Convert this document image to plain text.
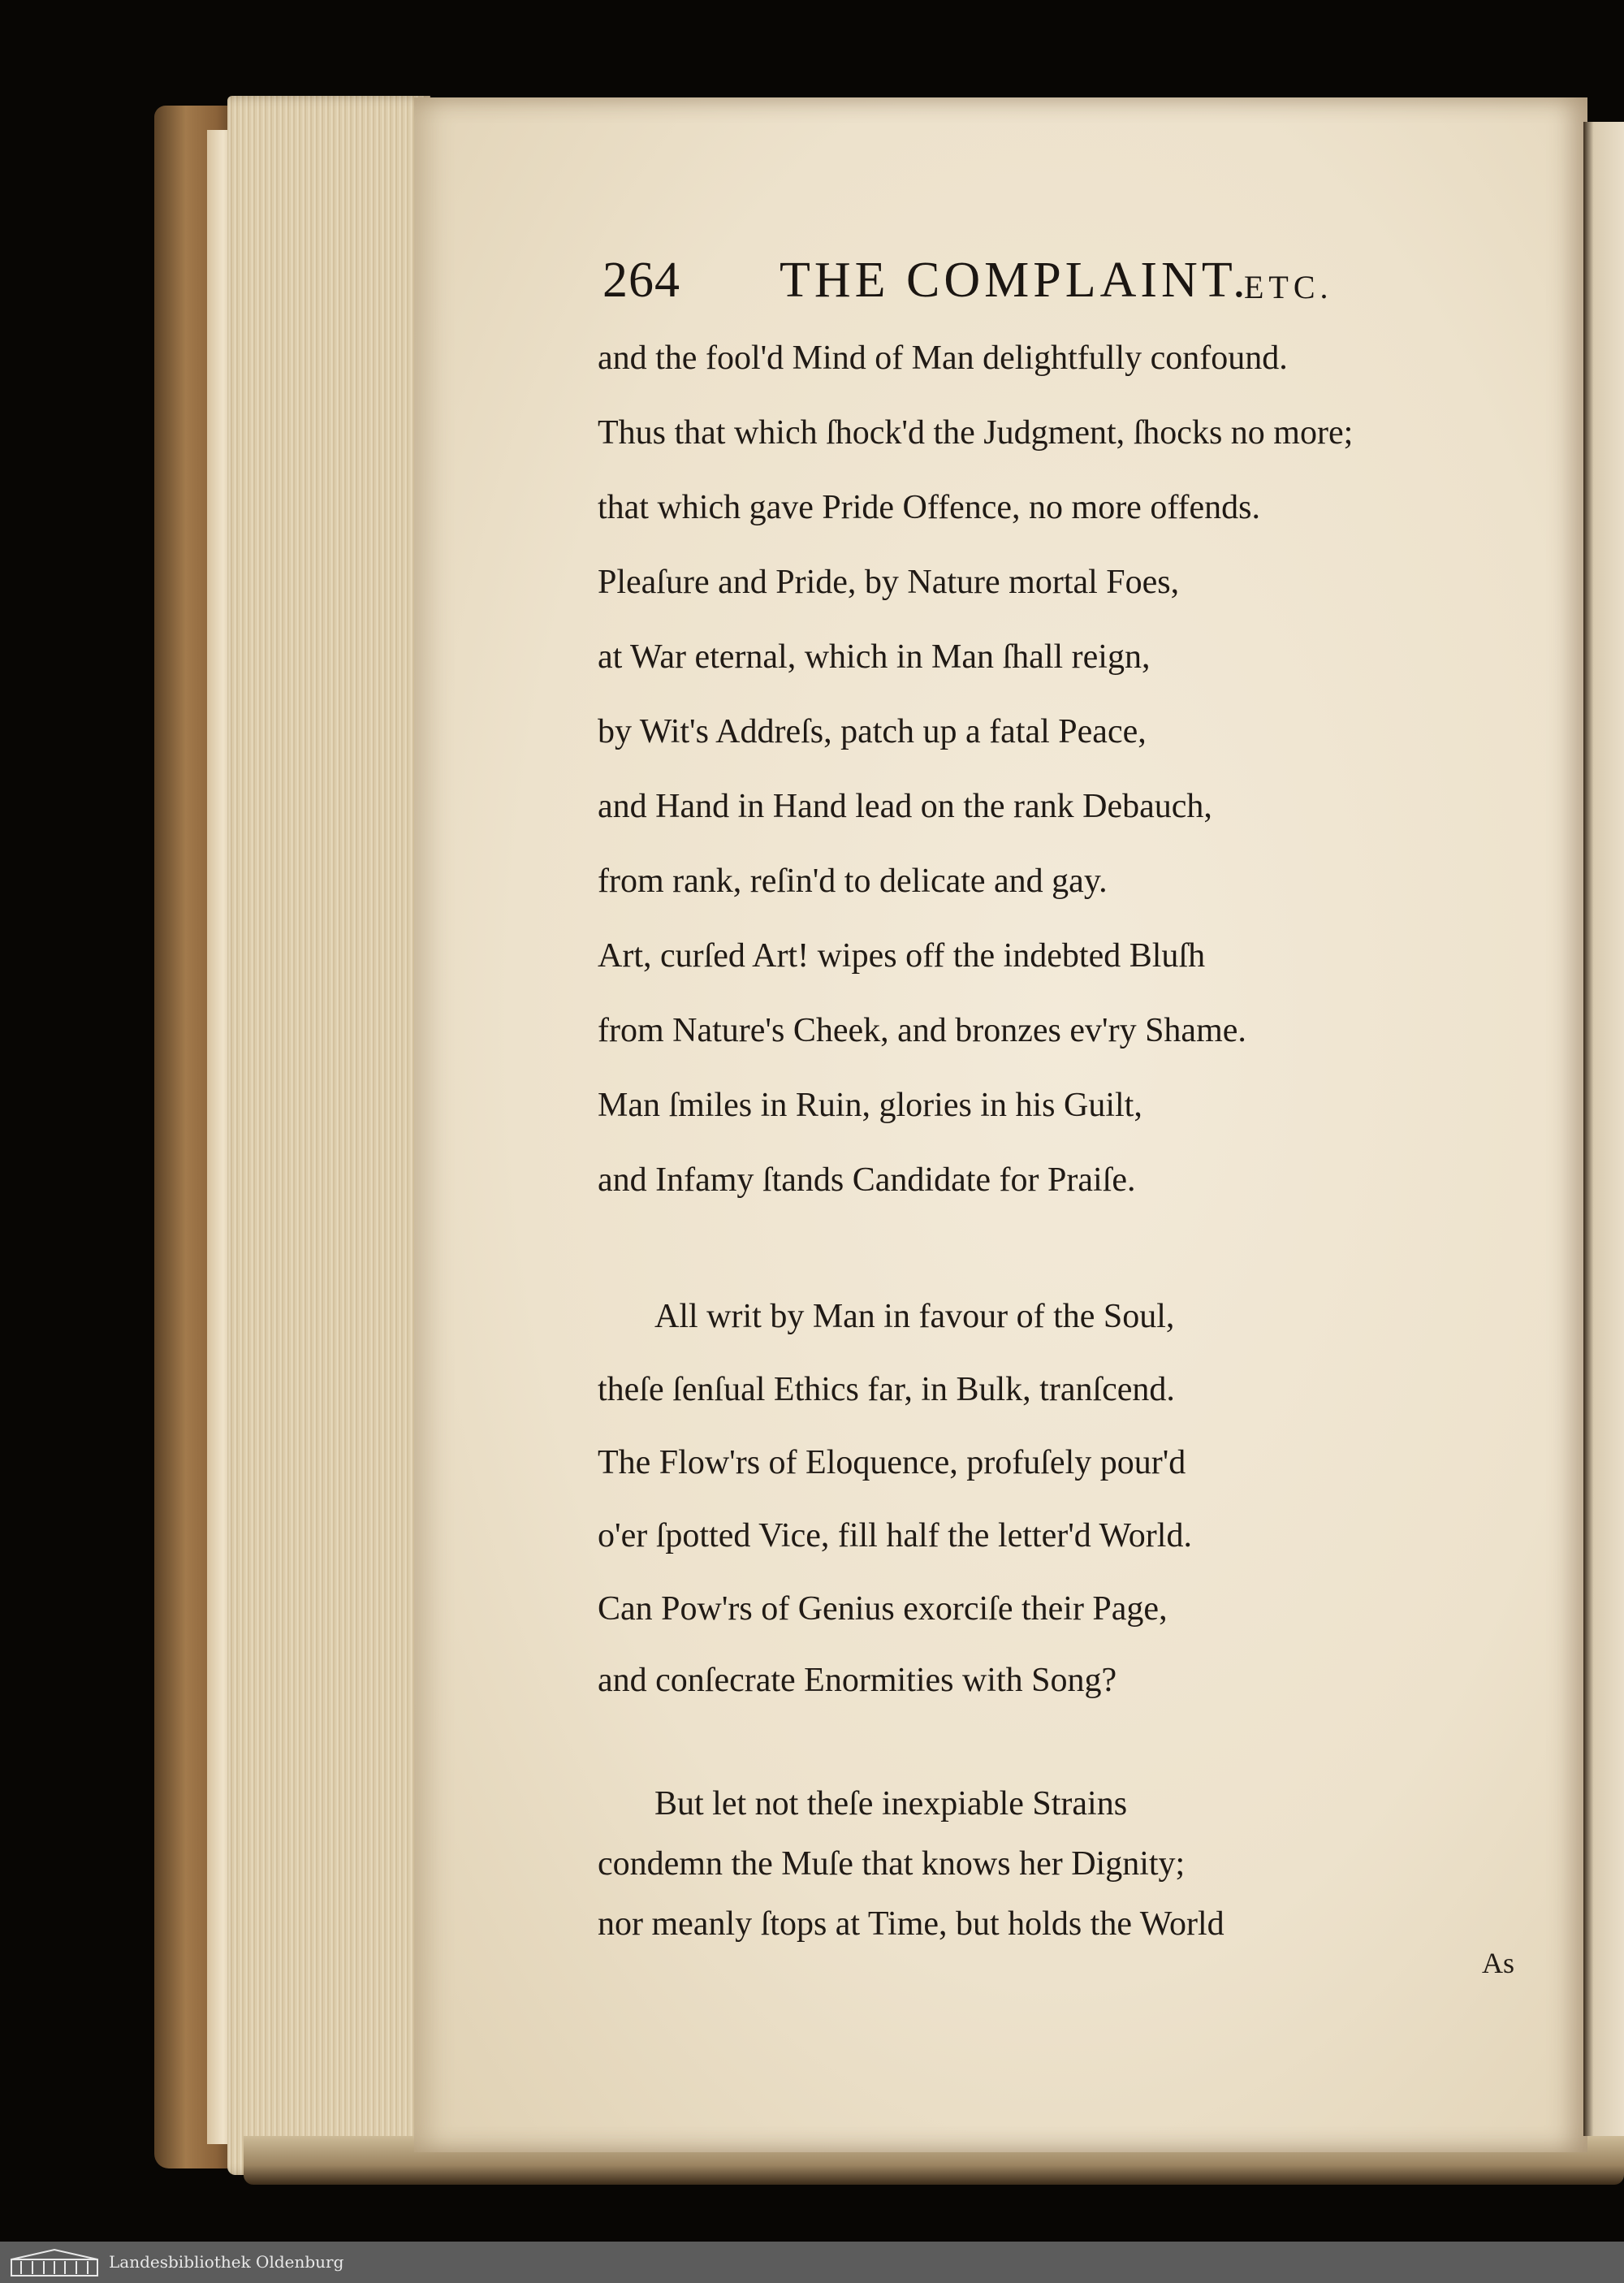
264 THE COMPLAINT.
ETC.
and the fool'd Mind of Man delightfully confound.
Thus that which ſhock'd the Judgment, ſhocks no more;
that which gave Pride Offence, no more offends.
Pleaſure and Pride, by Nature mortal Foes,
at War eternal, which in Man ſhall reign,
by Wit's Addreſs, patch up a fatal Peace,
and Hand in Hand lead on the rank Debauch,
from rank, reſin'd to delicate and gay.
Art, curſed Art! wipes off the indebted Bluſh
from Nature's Cheek, and bronzes ev'ry Shame.
Man ſmiles in Ruin, glories in his Guilt,
and Infamy ſtands Candidate for Praiſe.
All writ by Man in favour of the Soul,
theſe ſenſual Ethics far, in Bulk, tranſcend.
The Flow'rs of Eloquence, profuſely pour'd
o'er ſpotted Vice, fill half the letter'd World.
Can Pow'rs of Genius exorciſe their Page,
and conſecrate Enormities with Song?
But let not theſe inexpiable Strains
condemn the Muſe that knows her Dignity;
nor meanly ſtops at Time, but holds the World
As
Landesbibliothek Oldenburg
